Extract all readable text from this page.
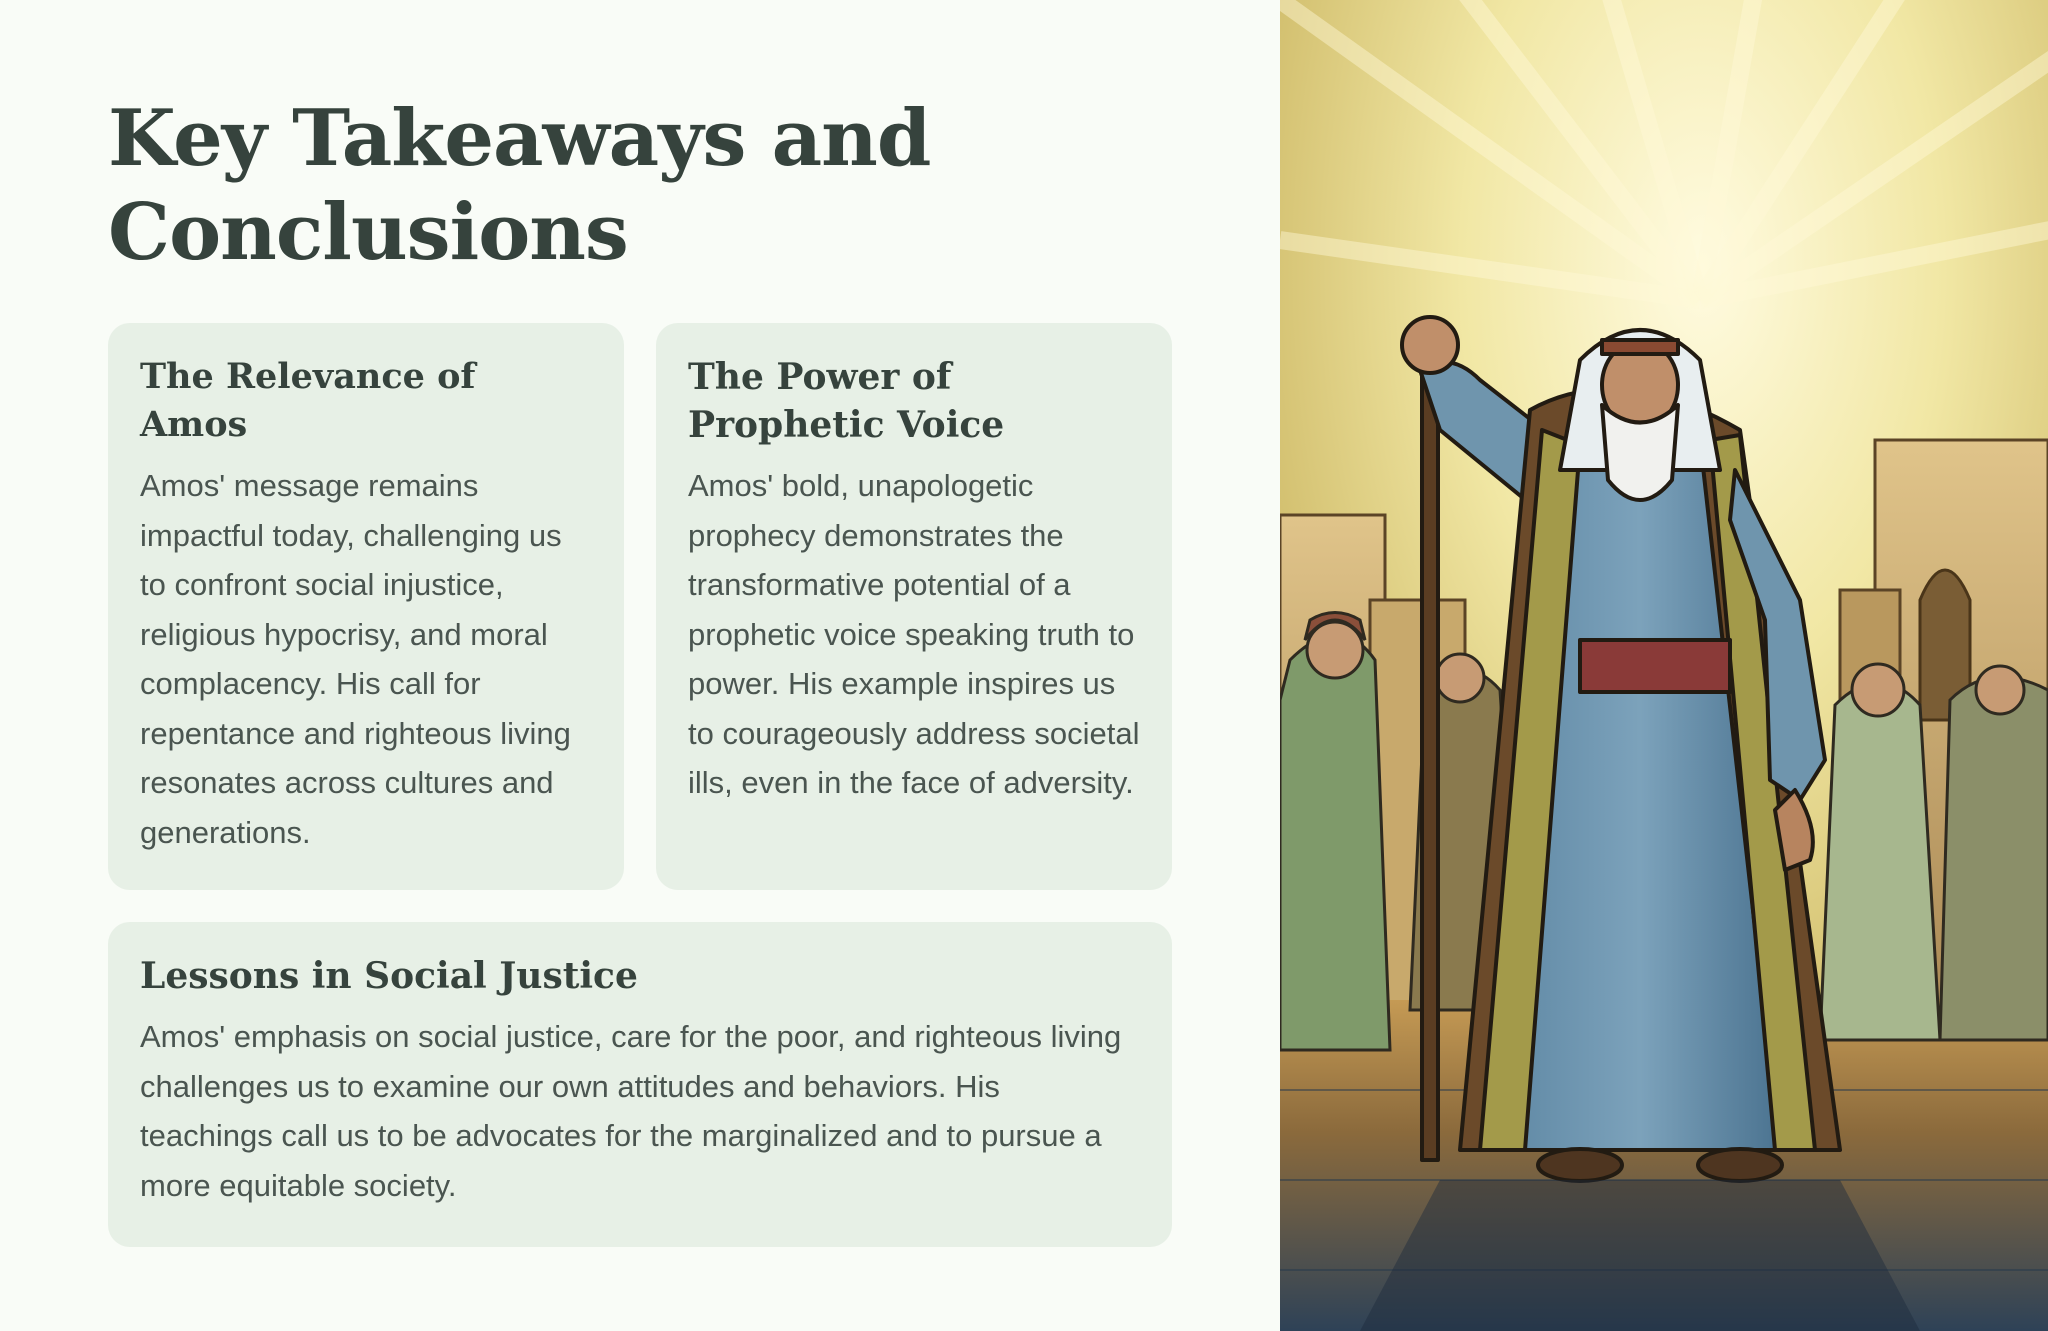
Key Takeaways and Conclusions
The Relevance of Amos

Amos' message remains impactful today, challenging us to confront social injustice, religious hypocrisy, and moral complacency. His call for repentance and righteous living resonates across cultures and generations.

The Power of Prophetic Voice

Amos' bold, unapologetic prophecy demonstrates the transformative potential of a prophetic voice speaking truth to power. His example inspires us to courageously address societal ills, even in the face of adversity.

Lessons in Social Justice

Amos' emphasis on social justice, care for the poor, and righteous living challenges us to examine our own attitudes and behaviors. His teachings call us to be advocates for the marginalized and to pursue a more equitable society.
